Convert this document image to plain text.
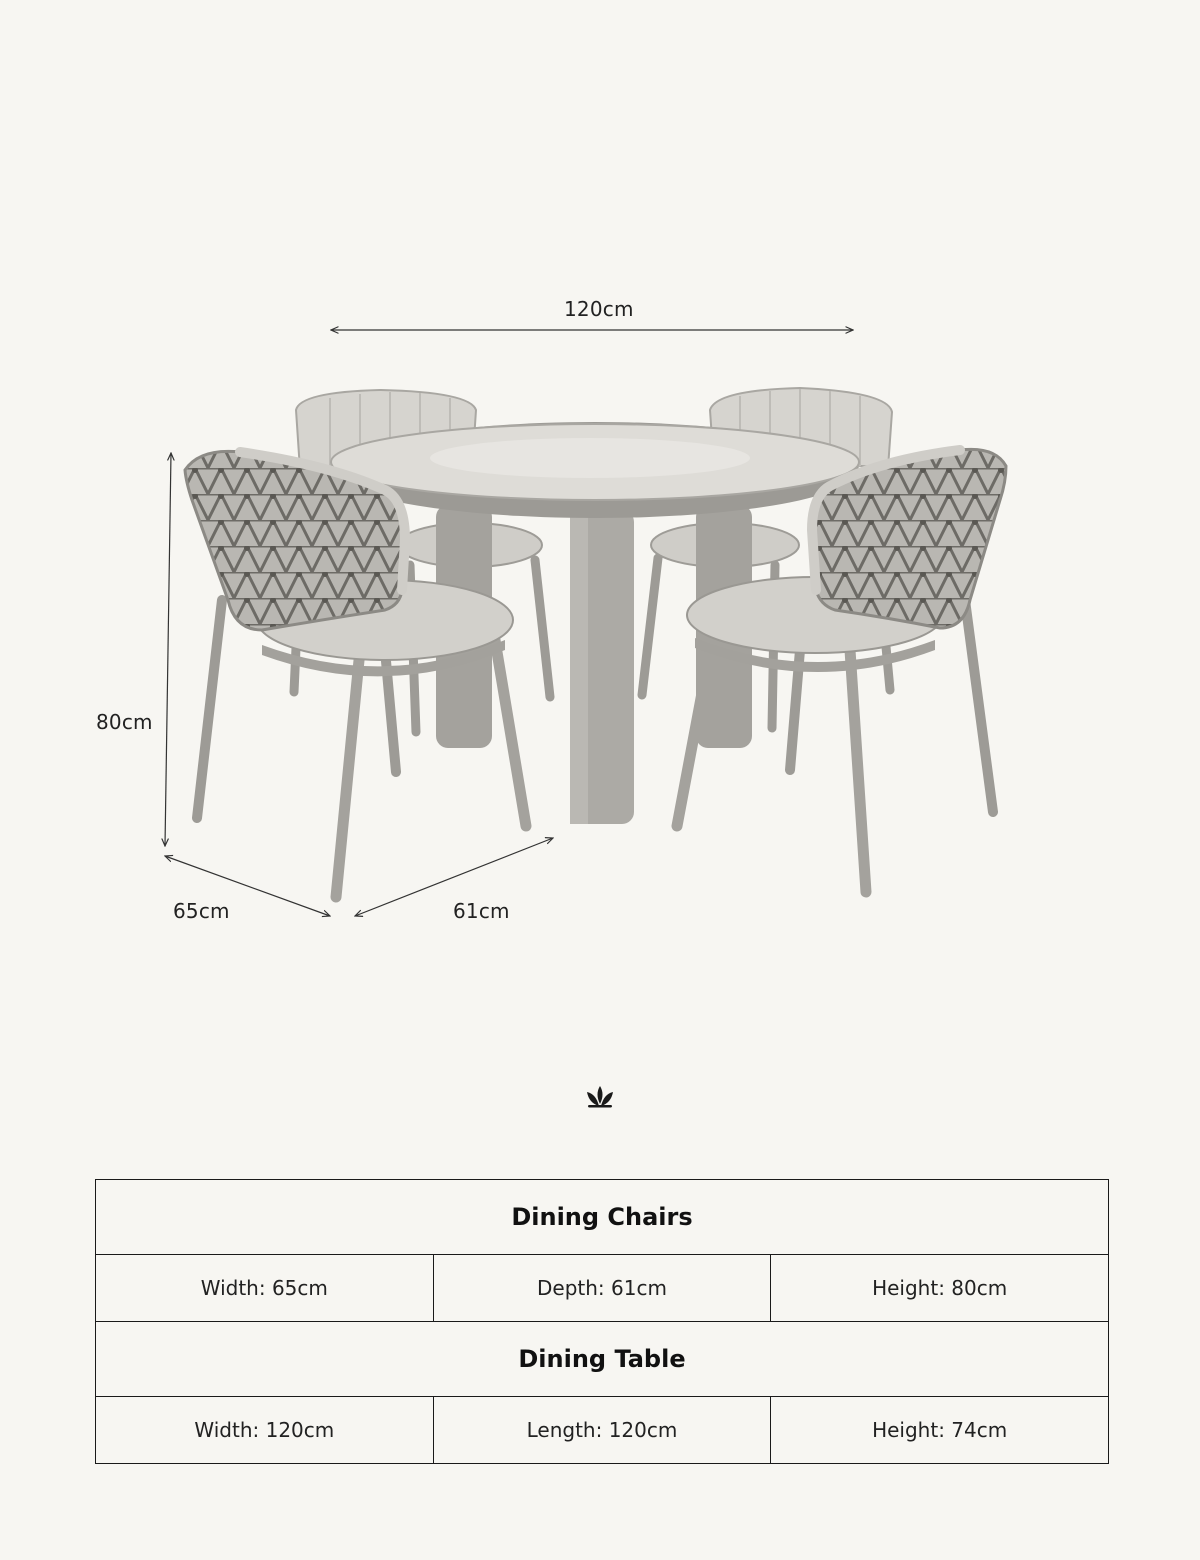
120cm
80cm
65cm	61cm
Dining Chairs		
Width: 65cm	Depth: 61cm	Height: 80cm
Dining Table		
Width: 120cm	Length: 120cm	Height: 74cm
